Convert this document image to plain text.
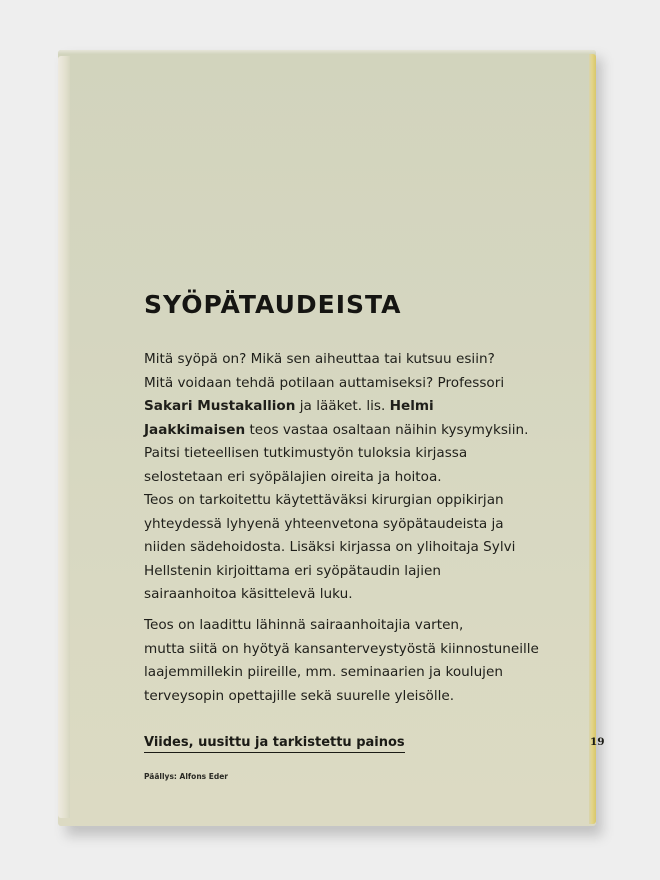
SYÖPÄTAUDEISTA

Mitä syöpä on? Mikä sen aiheuttaa tai kutsuu esiin?
Mitä voidaan tehdä potilaan auttamiseksi? Professori
Sakari Mustakallion ja lääket. lis. Helmi
Jaakkimaisen teos vastaa osaltaan näihin kysymyksiin.
Paitsi tieteellisen tutkimustyön tuloksia kirjassa
selostetaan eri syöpälajien oireita ja hoitoa.

Teos on tarkoitettu käytettäväksi kirurgian oppikirjan
yhteydessä lyhyenä yhteenvetona syöpätaudeista ja
niiden sädehoidosta. Lisäksi kirjassa on ylihoitaja Sylvi
Hellstenin kirjoittama eri syöpätaudin lajien
sairaanhoitoa käsittelevä luku.

Teos on laadittu lähinnä sairaanhoitajia varten,
mutta siitä on hyötyä kansanterveystyöstä kiinnostuneille
laajemmillekin piireille, mm. seminaarien ja koulujen
terveysopin opettajille sekä suurelle yleisölle.

Viides, uusittu ja tarkistettu painos	19
Päällys: Alfons Eder
